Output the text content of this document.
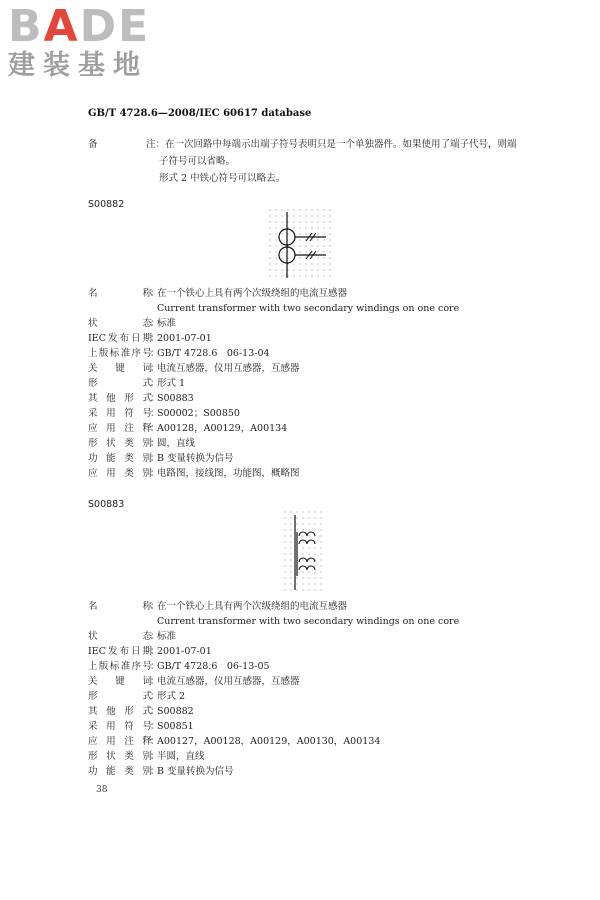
BADE
建装基地
GB/T 4728.6—2008/IEC 60617 database
备	注：在一次回路中每端示出端子符号表明只是一个单独器件。如果使用了端子代号，则端
子符号可以省略。
形式 2 中铁心符号可以略去。
S00882
名称
：
在一个铁心上具有两个次级绕组的电流互感器
Current transformer with two secondary windings on one core
状态
：
标准
IEC发布日期
：
2001-07-01
上版标准序号
：
GB/T 4728.6　06-13-04
关键词
：
电流互感器，仪用互感器，互感器
形式
：
形式 1
其他形式
：
S00883
采用符号
：
S00002；S00850
应用注释
：
A00128，A00129，A00134
形状类别
：
圆，直线
功能类别
：
B 变量转换为信号
应用类别
：
电路图，接线图，功能图，概略图
S00883
名称
：
在一个铁心上具有两个次级绕组的电流互感器
Current transformer with two secondary windings on one core
状态
：
标准
IEC发布日期
：
2001-07-01
上版标准序号
：
GB/T 4728.6　06-13-05
关键词
：
电流互感器，仪用互感器，互感器
形式
：
形式 2
其他形式
：
S00882
采用符号
：
S00851
应用注释
：
A00127，A00128，A00129，A00130，A00134
形状类别
：
半圆，直线
功能类别
：
B 变量转换为信号
38
